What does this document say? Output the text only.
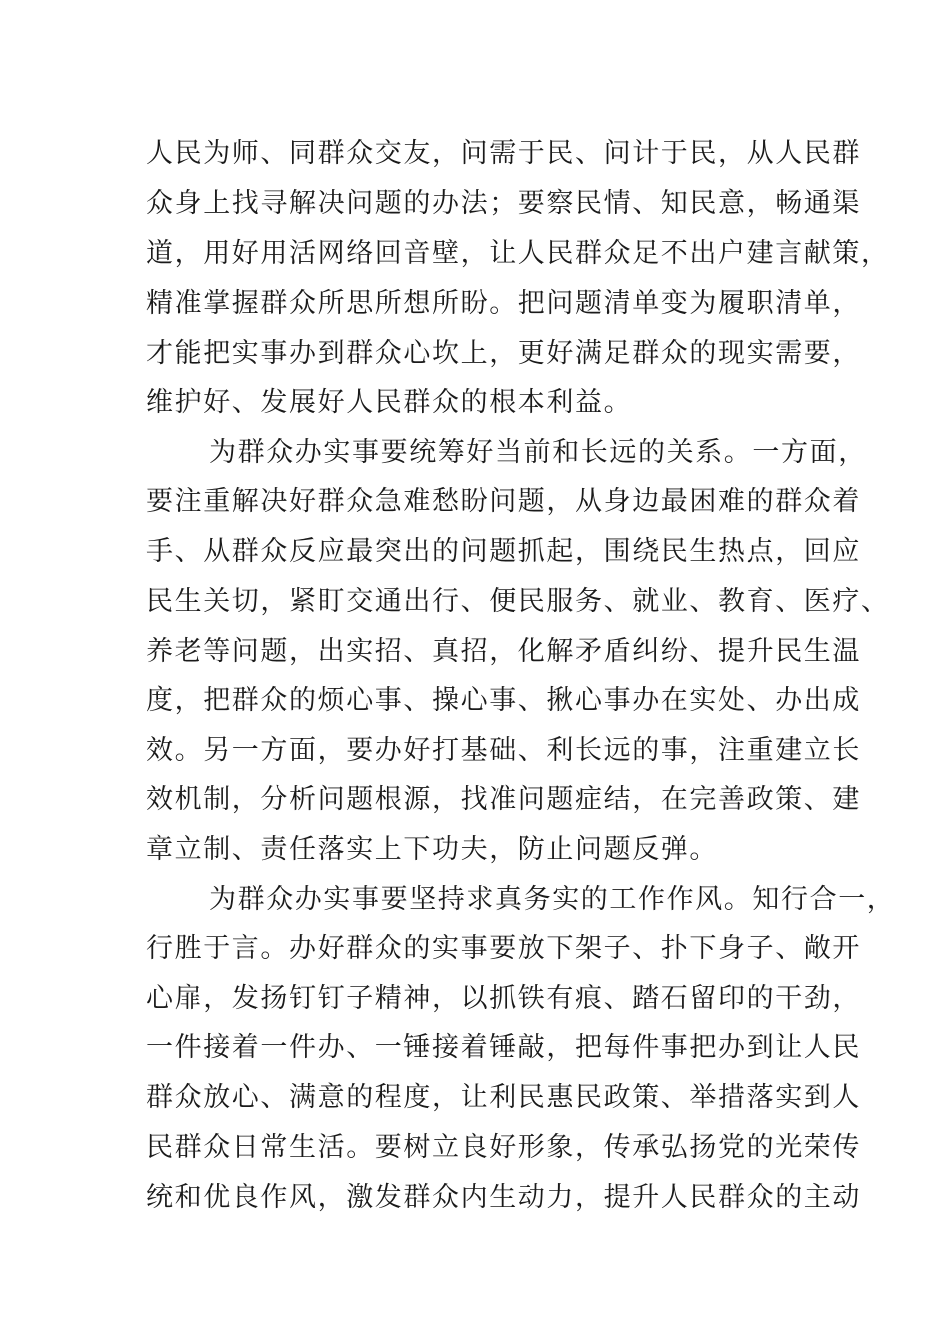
人民为师、同群众交友，问需于民、问计于民，从人民群
众身上找寻解决问题的办法；要察民情、知民意，畅通渠
道，用好用活网络回音壁，让人民群众足不出户建言献策，
精准掌握群众所思所想所盼。把问题清单变为履职清单，
才能把实事办到群众心坎上，更好满足群众的现实需要，
维护好、发展好人民群众的根本利益。
为群众办实事要统筹好当前和长远的关系。一方面，
要注重解决好群众急难愁盼问题，从身边最困难的群众着
手、从群众反应最突出的问题抓起，围绕民生热点，回应
民生关切，紧盯交通出行、便民服务、就业、教育、医疗、
养老等问题，出实招、真招，化解矛盾纠纷、提升民生温
度，把群众的烦心事、操心事、揪心事办在实处、办出成
效。另一方面，要办好打基础、利长远的事，注重建立长
效机制，分析问题根源，找准问题症结，在完善政策、建
章立制、责任落实上下功夫，防止问题反弹。
为群众办实事要坚持求真务实的工作作风。知行合一，
行胜于言。办好群众的实事要放下架子、扑下身子、敞开
心扉，发扬钉钉子精神，以抓铁有痕、踏石留印的干劲，
一件接着一件办、一锤接着锤敲，把每件事把办到让人民
群众放心、满意的程度，让利民惠民政策、举措落实到人
民群众日常生活。要树立良好形象，传承弘扬党的光荣传
统和优良作风，激发群众内生动力，提升人民群众的主动
